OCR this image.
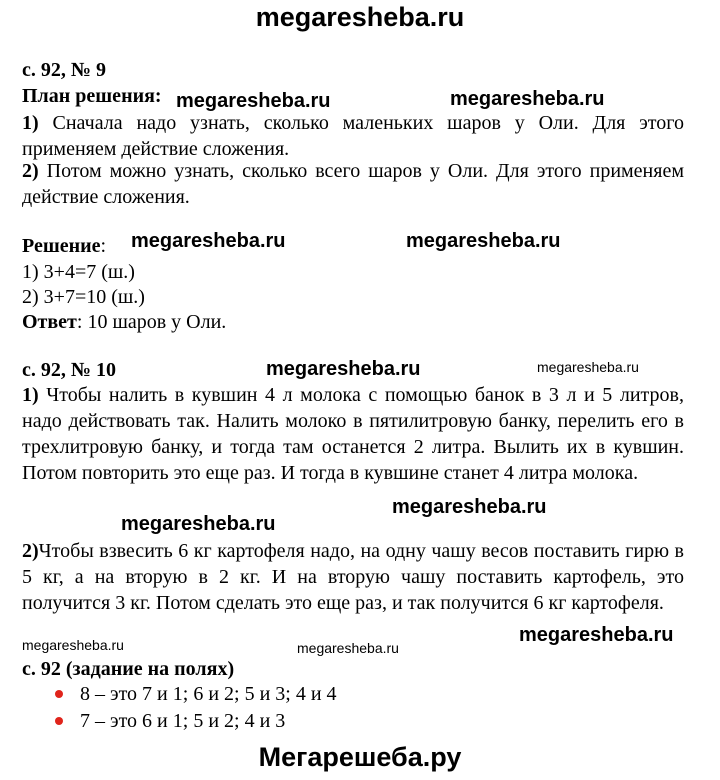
megaresheba.ru
с. 92, № 9
План решения: megaresheba.ru	megaresheba.ru
1) Сначала надо узнать, сколько маленьких шаров у Оли. Для этого применяем действие сложения.
2) Потом можно узнать, сколько всего шаров у Оли. Для этого применяем действие сложения.
Решение: megaresheba.ru	megaresheba.ru
1) 3+4=7 (ш.)
2) 3+7=10 (ш.)
Ответ: 10 шаров у Оли.
с. 92, № 10	megaresheba.ru	megaresheba.ru
1) Чтобы налить в кувшин 4 л молока с помощью банок в 3 л и 5 литров, надо действовать так. Налить молоко в пятилитровую банку, перелить его в трехлитровую банку, и тогда там останется 2 литра. Вылить их в кувшин. Потом повторить это еще раз. И тогда в кувшине станет 4 литра молока.
megaresheba.ru
megaresheba.ru
2)Чтобы взвесить 6 кг картофеля надо, на одну чашу весов поставить гирю в 5 кг, а на вторую в 2 кг. И на вторую чашу поставить картофель, это получится 3 кг. Потом сделать это еще раз, и так получится 6 кг картофеля.
megaresheba.ru
megaresheba.ru	megaresheba.ru
с. 92 (задание на полях)
8 – это 7 и 1; 6 и 2; 5 и 3; 4 и 4
7 – это 6 и 1; 5 и 2; 4 и 3
Мегарешеба.ру
